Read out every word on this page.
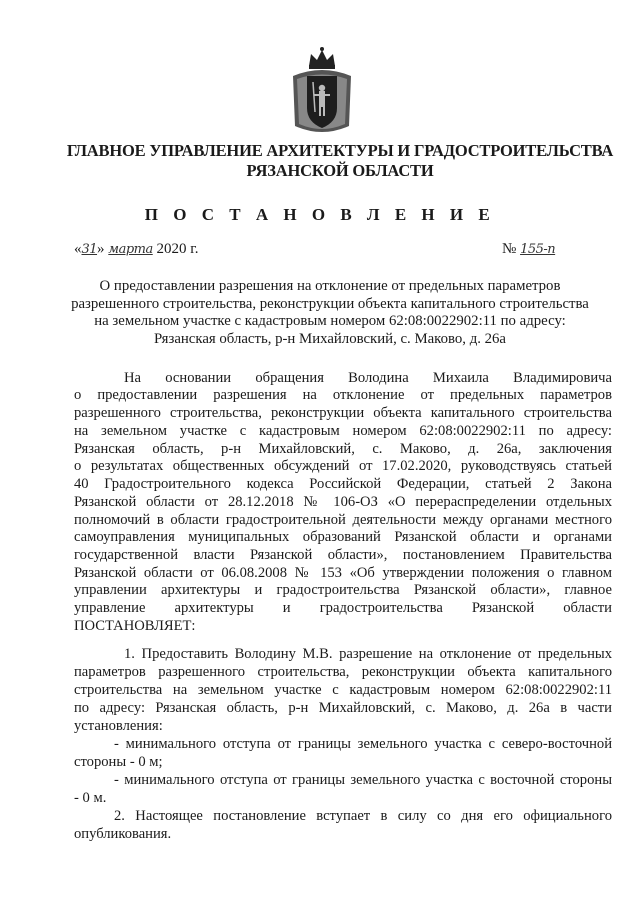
ГЛАВНОЕ УПРАВЛЕНИЕ АРХИТЕКТУРЫ И ГРАДОСТРОИТЕЛЬСТВА
РЯЗАНСКОЙ ОБЛАСТИ
П О С Т А Н О В Л Е Н И Е
«31» марта 2020 г.	№ 155-п
О предоставлении разрешения на отклонение от предельных параметров
разрешенного строительства, реконструкции объекта капитального строительства
на земельном участке с кадастровым номером 62:08:0022902:11 по адресу:
Рязанская область, р-н Михайловский, с. Маково, д. 26а
На основании обращения Володина Михаила Владимировича
о предоставлении разрешения на отклонение от предельных параметров
разрешенного строительства, реконструкции объекта капитального строительства
на земельном участке с кадастровым номером 62:08:0022902:11 по адресу:
Рязанская область, р-н Михайловский, с. Маково, д. 26а, заключения
о результатах общественных обсуждений от 17.02.2020, руководствуясь статьей
40 Градостроительного кодекса Российской Федерации, статьей 2 Закона
Рязанской области от 28.12.2018 № 106-ОЗ «О перераспределении отдельных
полномочий в области градостроительной деятельности между органами местного
самоуправления муниципальных образований Рязанской области и органами
государственной власти Рязанской области», постановлением Правительства
Рязанской области от 06.08.2008 № 153 «Об утверждении положения о главном
управлении архитектуры и градостроительства Рязанской области», главное
управление архитектуры и градостроительства Рязанской области
ПОСТАНОВЛЯЕТ:
1. Предоставить Володину М.В. разрешение на отклонение от предельных
параметров разрешенного строительства, реконструкции объекта капитального
строительства на земельном участке с кадастровым номером 62:08:0022902:11
по адресу: Рязанская область, р-н Михайловский, с. Маково, д. 26а в части
установления:
- минимального отступа от границы земельного участка с северо-восточной
стороны - 0 м;
- минимального отступа от границы земельного участка с восточной стороны
- 0 м.
2. Настоящее постановление вступает в силу со дня его официального
опубликования.
